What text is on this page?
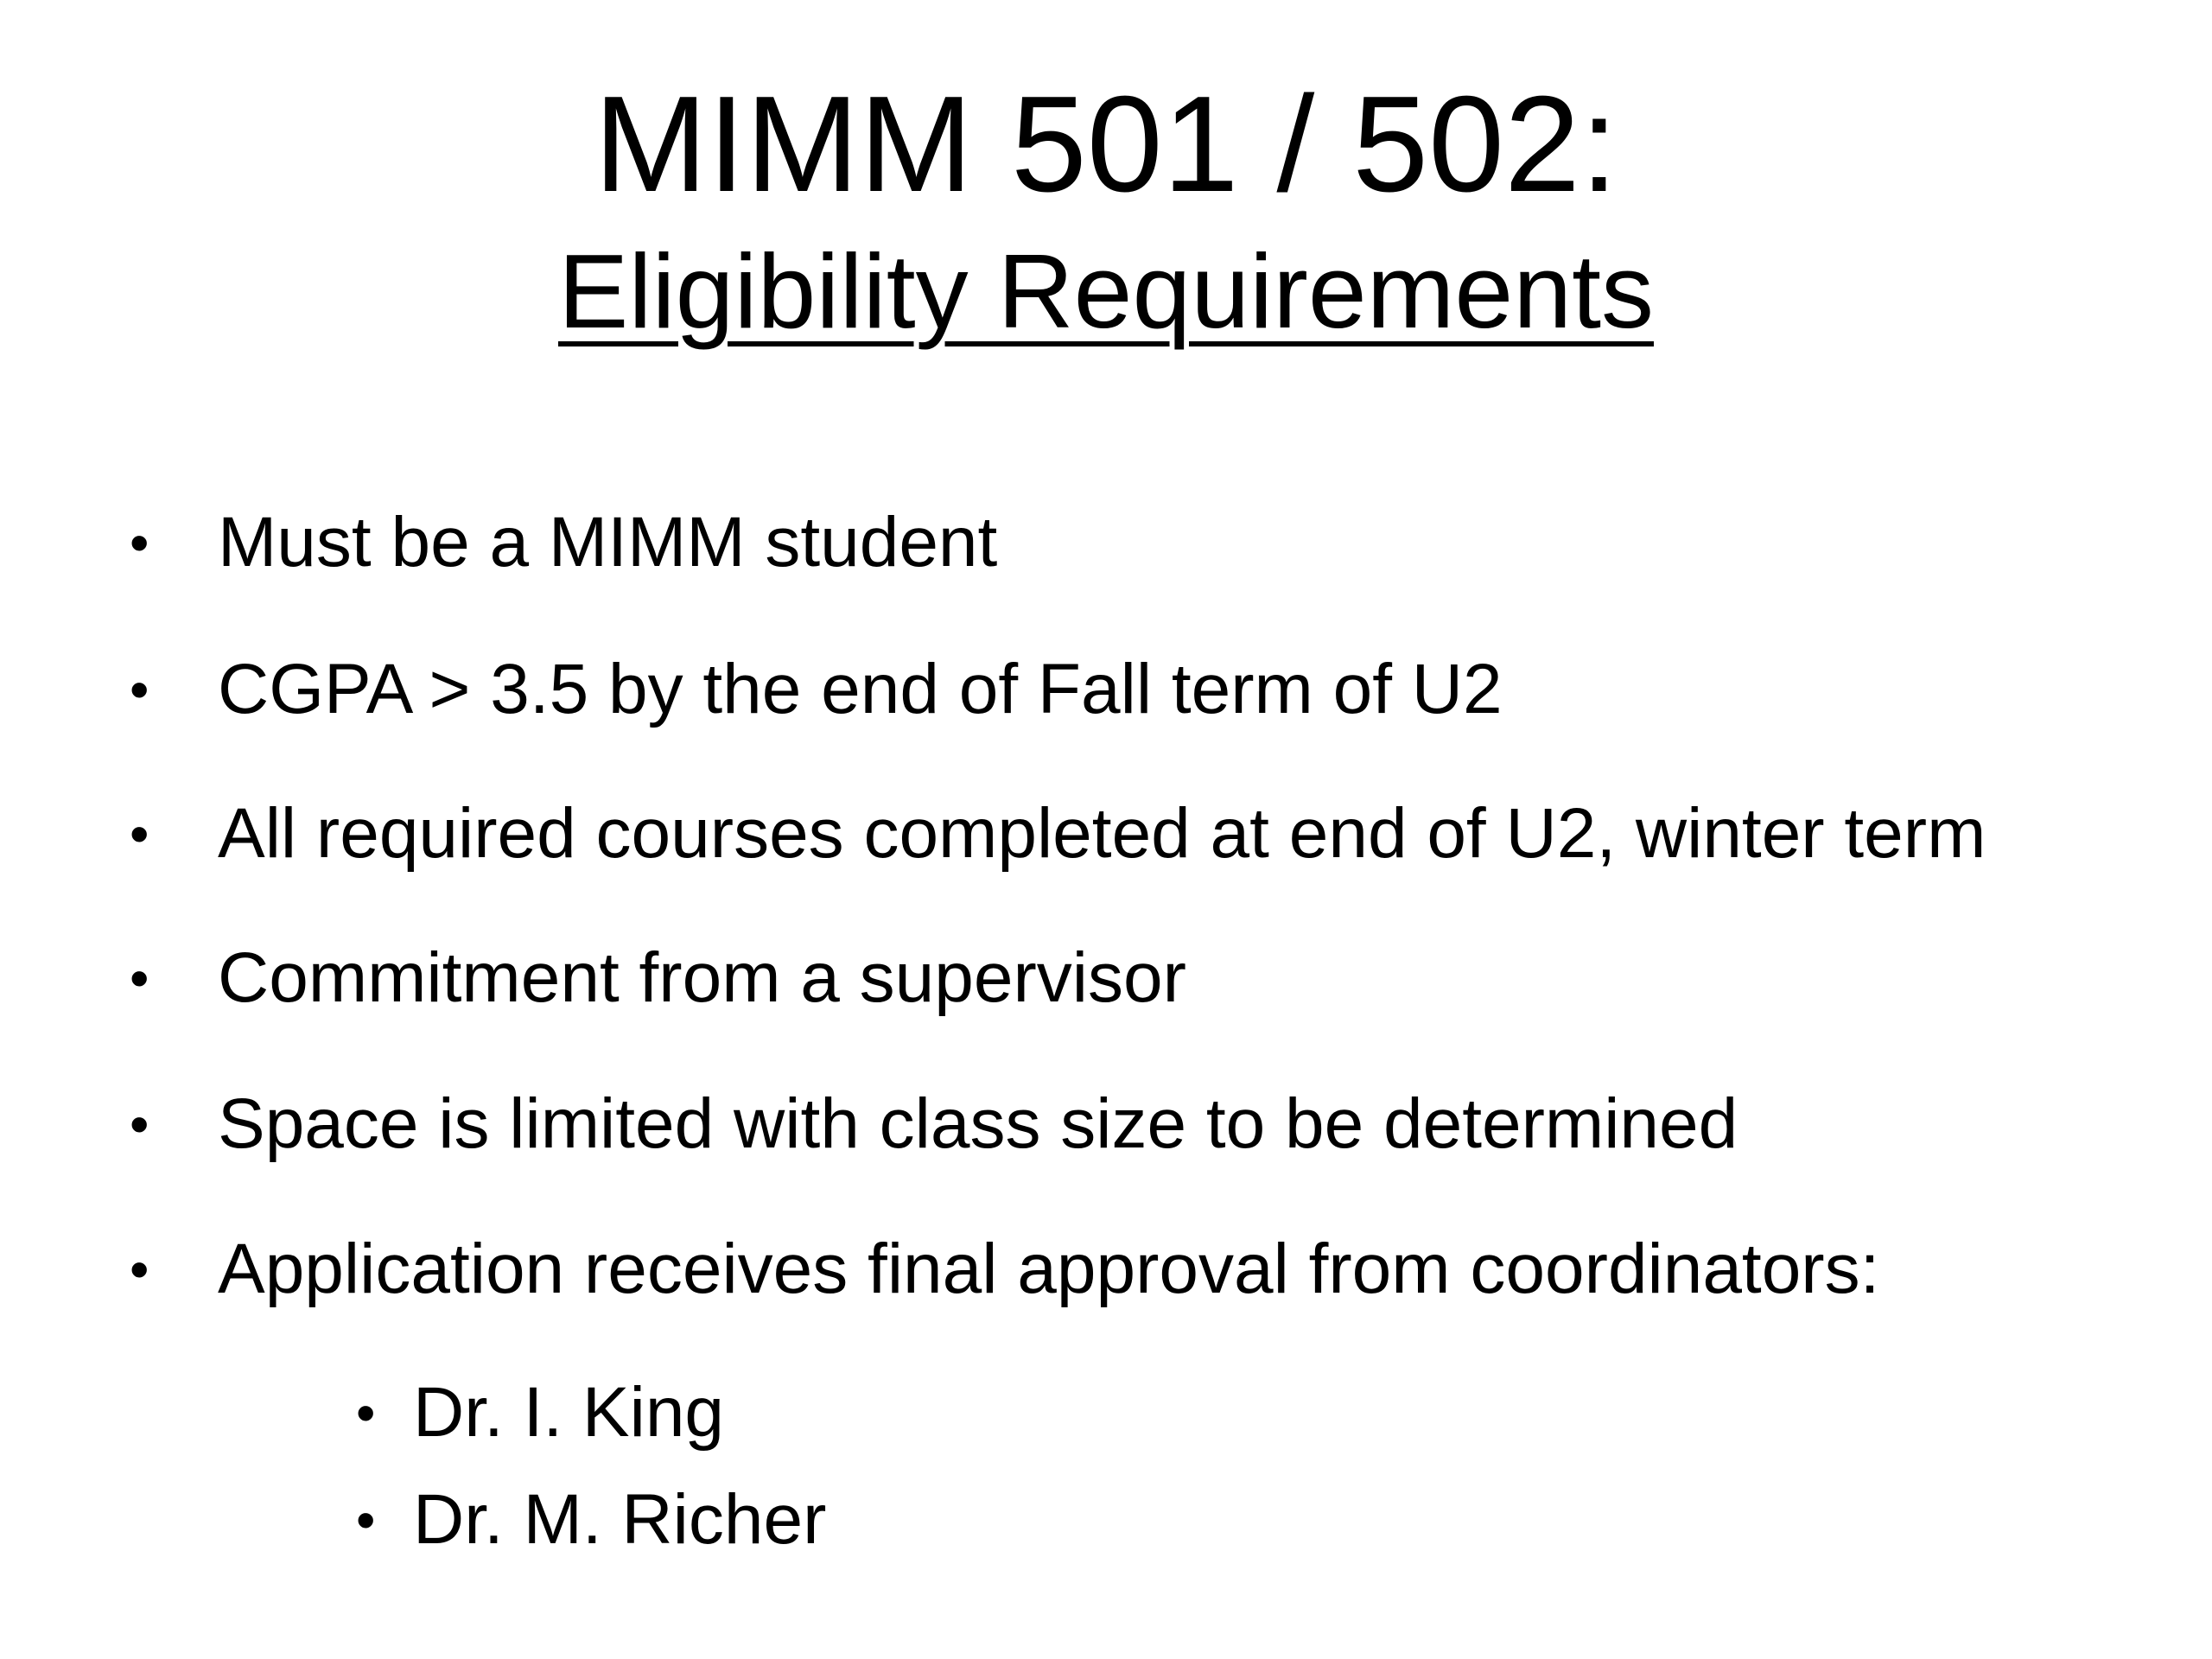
MIMM 501 / 502:
Eligibility Requirements
• Must be a MIMM student
• CGPA > 3.5 by the end of Fall term of U2
• All required courses completed at end of U2, winter term
• Commitment from a supervisor
• Space is limited with class size to be determined
• Application receives final approval from coordinators:
• Dr. I. King
• Dr. M. Richer
